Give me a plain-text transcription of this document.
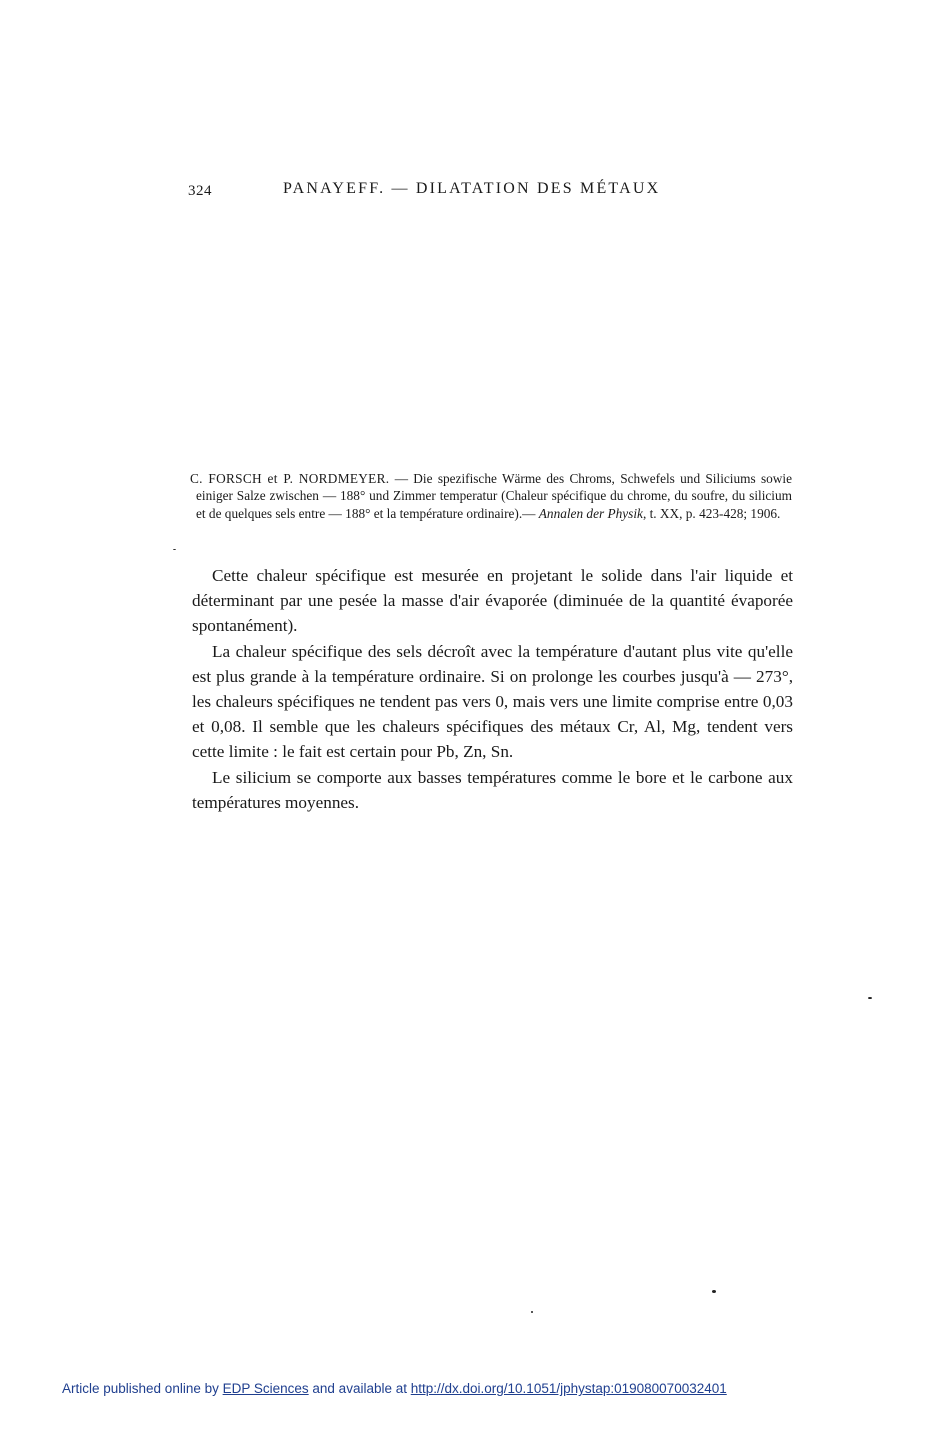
324	PANAYEFF. — DILATATION DES MÉTAUX
C. FORSCH et P. NORDMEYER. — Die spezifische Wärme des Chroms, Schwefels und Siliciums sowie einiger Salze zwischen — 188° und Zimmer temperatur (Chaleur spécifique du chrome, du soufre, du silicium et de quelques sels entre — 188° et la température ordinaire).— Annalen der Physik, t. XX, p. 423-428; 1906.

Cette chaleur spécifique est mesurée en projetant le solide dans l'air liquide et déterminant par une pesée la masse d'air évaporée (diminuée de la quantité évaporée spontanément).

La chaleur spécifique des sels décroît avec la température d'autant plus vite qu'elle est plus grande à la température ordinaire. Si on prolonge les courbes jusqu'à — 273°, les chaleurs spécifiques ne tendent pas vers 0, mais vers une limite comprise entre 0,03 et 0,08. Il semble que les chaleurs spécifiques des métaux Cr, Al, Mg, tendent vers cette limite : le fait est certain pour Pb, Zn, Sn.

Le silicium se comporte aux basses températures comme le bore et le carbone aux températures moyennes.

Article published online by EDP Sciences and available at http://dx.doi.org/10.1051/jphystap:019080070032401
